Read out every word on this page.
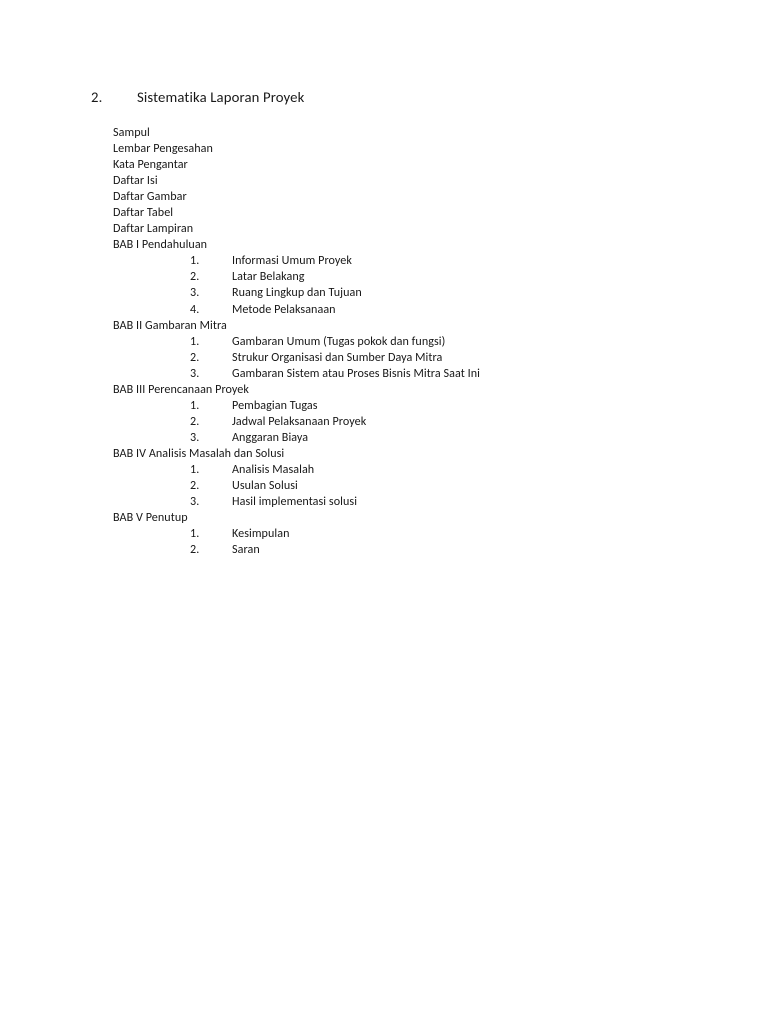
2.	Sistematika Laporan Proyek
Sampul
Lembar Pengesahan
Kata Pengantar
Daftar Isi
Daftar Gambar
Daftar Tabel
Daftar Lampiran
BAB I Pendahuluan
1.	Informasi Umum Proyek
2.	Latar Belakang
3.	Ruang Lingkup dan Tujuan
4.	Metode Pelaksanaan
BAB II Gambaran Mitra
1.	Gambaran Umum (Tugas pokok dan fungsi)
2.	Strukur Organisasi dan Sumber Daya Mitra
3.	Gambaran Sistem atau Proses Bisnis Mitra Saat Ini
BAB III Perencanaan Proyek
1.	Pembagian Tugas
2.	Jadwal Pelaksanaan Proyek
3.	Anggaran Biaya
BAB IV Analisis Masalah dan Solusi
1.	Analisis Masalah
2.	Usulan Solusi
3.	Hasil implementasi solusi
BAB V Penutup
1.	Kesimpulan
2.	Saran
